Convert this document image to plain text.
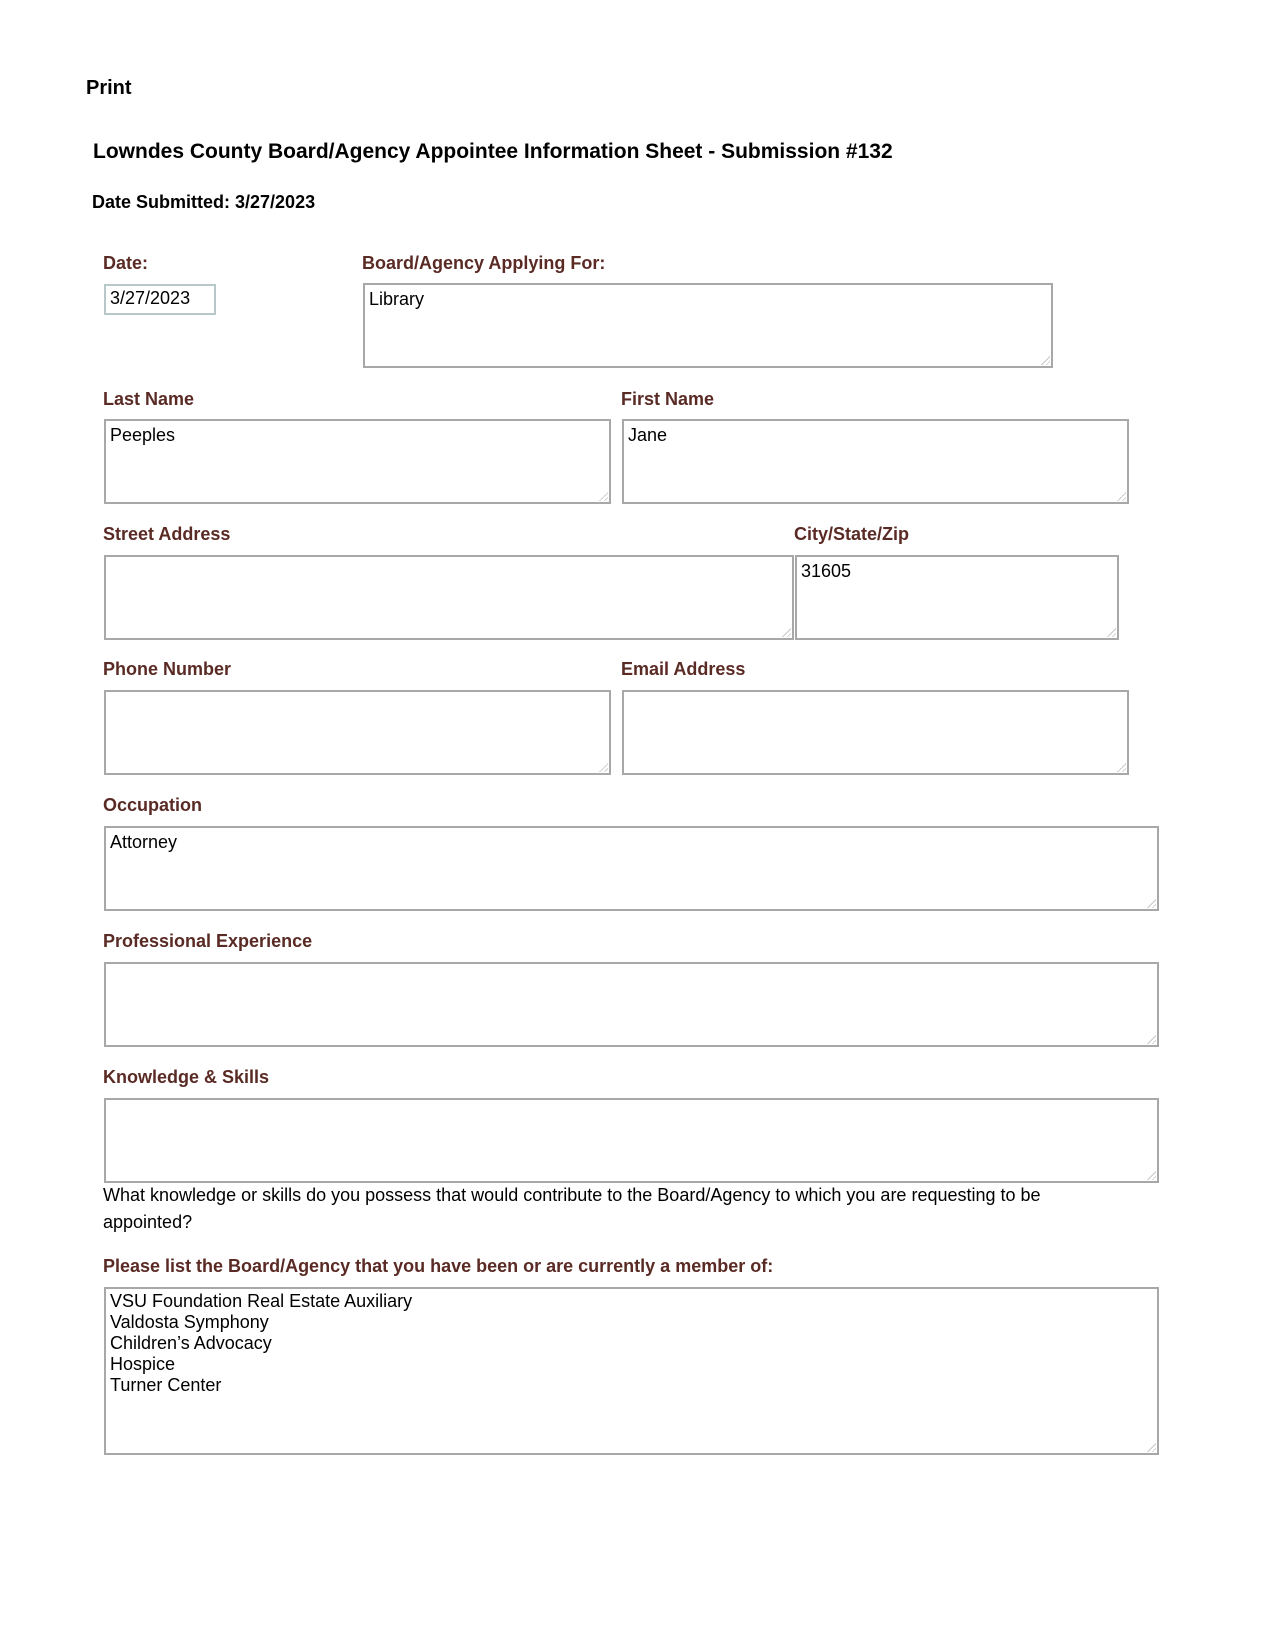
Print
Lowndes County Board/Agency Appointee Information Sheet - Submission #132
Date Submitted: 3/27/2023
Date:
3/27/2023
Board/Agency Applying For:
Library
Last Name
Peeples
First Name
Jane
Street Address	City/State/Zip
31605
Phone Number	Email Address
Occupation
Attorney
Professional Experience
Knowledge & Skills
What knowledge or skills do you possess that would contribute to the Board/Agency to which you are requesting to be appointed?
Please list the Board/Agency that you have been or are currently a member of:
VSU Foundation Real Estate Auxiliary
Valdosta Symphony
Children’s Advocacy
Hospice
Turner Center
